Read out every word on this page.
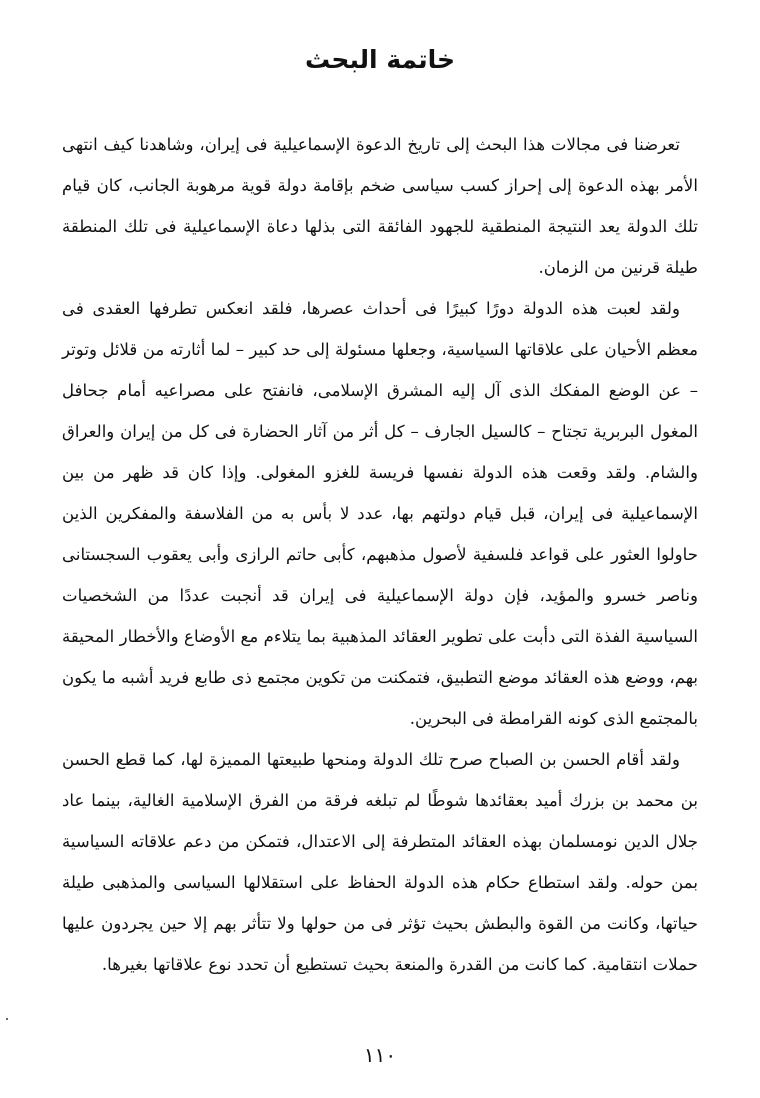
خاتمة البحث

تعرضنا فى مجالات هذا البحث إلى تاريخ الدعوة الإسماعيلية فى إيران، وشاهدنا كيف انتهى الأمر بهذه الدعوة إلى إحراز كسب سياسى ضخم بإقامة دولة قوية مرهوبة الجانب، كان قيام تلك الدولة يعد النتيجة المنطقية للجهود الفائقة التى بذلها دعاة الإسماعيلية فى تلك المنطقة طيلة قرنين من الزمان.

ولقد لعبت هذه الدولة دورًا كبيرًا فى أحداث عصرها، فلقد انعكس تطرفها العقدى فى معظم الأحيان على علاقاتها السياسية، وجعلها مسئولة إلى حد كبير – لما أثارته من قلائل وتوتر – عن الوضع المفكك الذى آل إليه المشرق الإسلامى، فانفتح على مصراعيه أمام جحافل المغول البربرية تجتاح – كالسيل الجارف – كل أثر من آثار الحضارة فى كل من إيران والعراق والشام. ولقد وقعت هذه الدولة نفسها فريسة للغزو المغولى. وإذا كان قد ظهر من بين الإسماعيلية فى إيران، قبل قيام دولتهم بها، عدد لا بأس به من الفلاسفة والمفكرين الذين حاولوا العثور على قواعد فلسفية لأصول مذهبهم، كأبى حاتم الرازى وأبى يعقوب السجستانى وناصر خسرو والمؤيد، فإن دولة الإسماعيلية فى إيران قد أنجبت عددًا من الشخصيات السياسية الفذة التى دأبت على تطوير العقائد المذهبية بما يتلاءم مع الأوضاع والأخطار المحيقة بهم، ووضع هذه العقائد موضع التطبيق، فتمكنت من تكوين مجتمع ذى طابع فريد أشبه ما يكون بالمجتمع الذى كونه القرامطة فى البحرين.

ولقد أقام الحسن بن الصباح صرح تلك الدولة ومنحها طبيعتها المميزة لها، كما قطع الحسن بن محمد بن بزرك أميد بعقائدها شوطًا لم تبلغه فرقة من الفرق الإسلامية الغالية، بينما عاد جلال الدين نومسلمان بهذه العقائد المتطرفة إلى الاعتدال، فتمكن من دعم علاقاته السياسية بمن حوله. ولقد استطاع حكام هذه الدولة الحفاظ على استقلالها السياسى والمذهبى طيلة حياتها، وكانت من القوة والبطش بحيث تؤثر فى من حولها ولا تتأثر بهم إلا حين يجردون عليها حملات انتقامية. كما كانت من القدرة والمنعة بحيث تستطيع أن تحدد نوع علاقاتها بغيرها.

١١٠
